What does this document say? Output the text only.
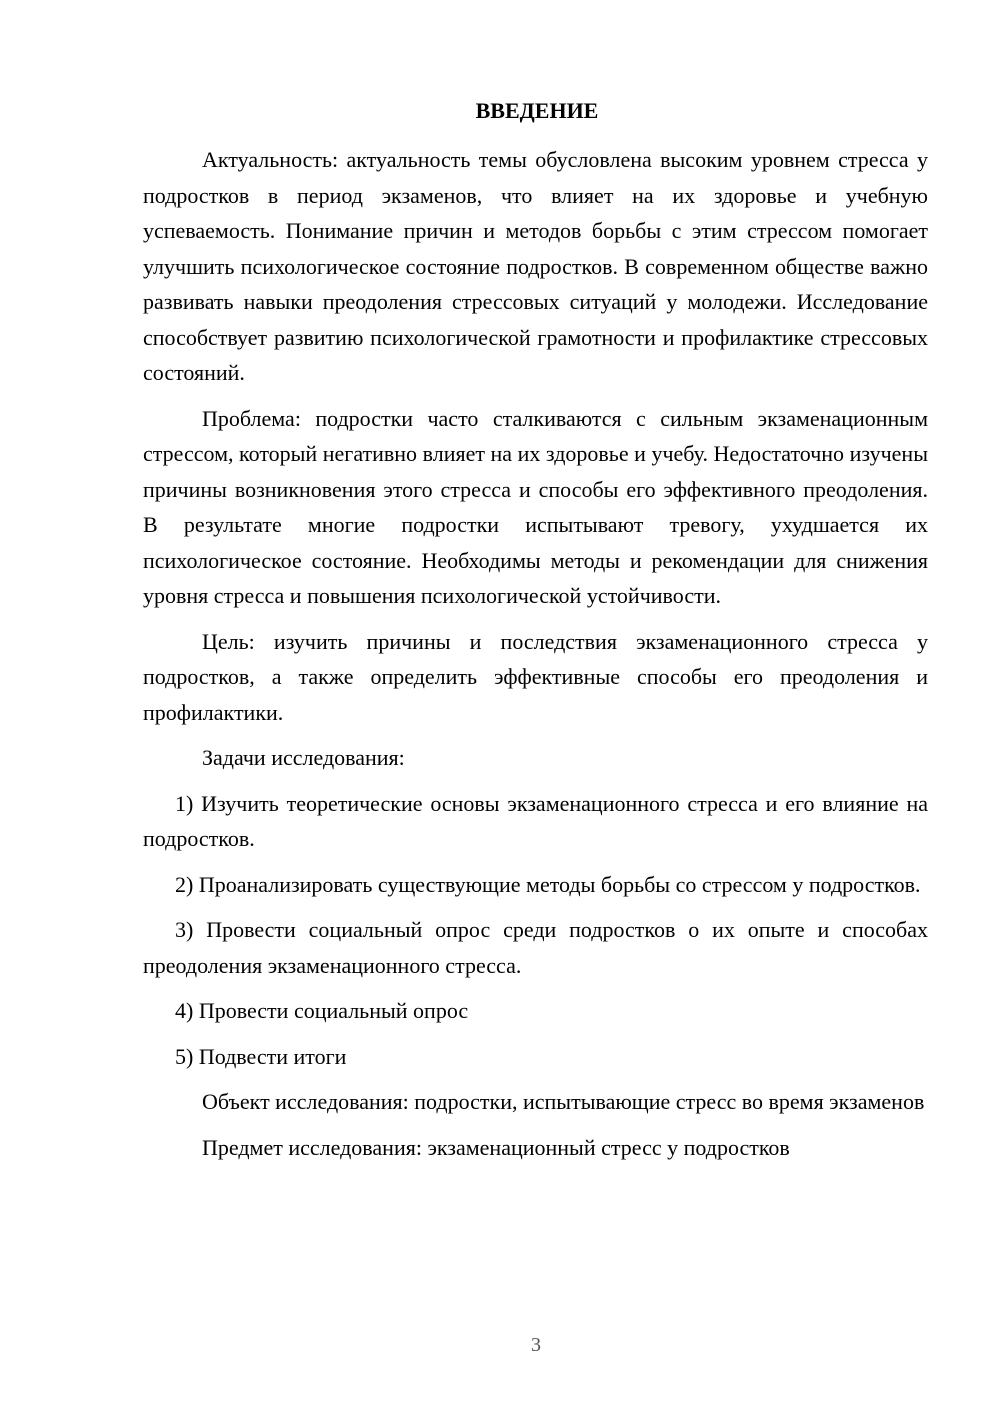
ВВЕДЕНИЕ

Актуальность: актуальность темы обусловлена высоким уровнем стресса у подростков в период экзаменов, что влияет на их здоровье и учебную успеваемость. Понимание причин и методов борьбы с этим стрессом помогает улучшить психологическое состояние подростков. В современном обществе важно развивать навыки преодоления стрессовых ситуаций у молодежи. Исследование способствует развитию психологической грамотности и профилактике стрессовых состояний.

Проблема: подростки часто сталкиваются с сильным экзаменационным стрессом, который негативно влияет на их здоровье и учебу. Недостаточно изучены причины возникновения этого стресса и способы его эффективного преодоления. В результате многие подростки испытывают тревогу, ухудшается их психологическое состояние. Необходимы методы и рекомендации для снижения уровня стресса и повышения психологической устойчивости.

Цель: изучить причины и последствия экзаменационного стресса у подростков, а также определить эффективные способы его преодоления и профилактики.

Задачи исследования:

1) Изучить теоретические основы экзаменационного стресса и его влияние на подростков.

2) Проанализировать существующие методы борьбы со стрессом у подростков.

3) Провести социальный опрос среди подростков о их опыте и способах преодоления экзаменационного стресса.

4) Провести социальный опрос

5) Подвести итоги

Объект исследования: подростки, испытывающие стресс во время экзаменов

Предмет исследования: экзаменационный стресс у подростков

3
